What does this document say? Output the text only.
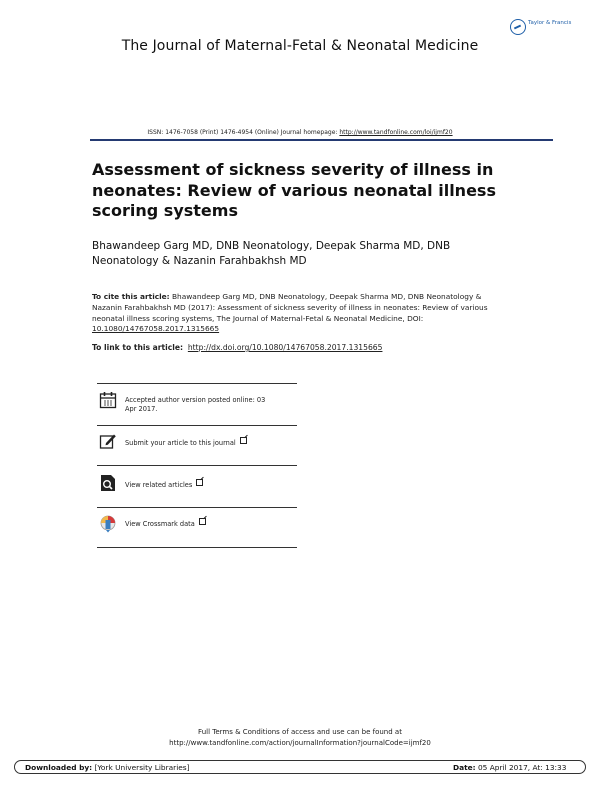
Taylor & Francis
The Journal of Maternal-Fetal & Neonatal Medicine
ISSN: 1476-7058 (Print) 1476-4954 (Online) Journal homepage: http://www.tandfonline.com/loi/ijmf20
Assessment of sickness severity of illness in neonates: Review of various neonatal illness scoring systems
Bhawandeep Garg MD, DNB Neonatology, Deepak Sharma MD, DNB Neonatology & Nazanin Farahbakhsh MD
To cite this article: Bhawandeep Garg MD, DNB Neonatology, Deepak Sharma MD, DNB Neonatology & Nazanin Farahbakhsh MD (2017): Assessment of sickness severity of illness in neonates: Review of various neonatal illness scoring systems, The Journal of Maternal-Fetal & Neonatal Medicine, DOI: 10.1080/14767058.2017.1315665
To link to this article: http://dx.doi.org/10.1080/14767058.2017.1315665
Accepted author version posted online: 03
Apr 2017.
Submit your article to this journal
View related articles
View Crossmark data
Full Terms & Conditions of access and use can be found at
http://www.tandfonline.com/action/journalInformation?journalCode=ijmf20
Downloaded by: [York University Libraries]	Date: 05 April 2017, At: 13:33
